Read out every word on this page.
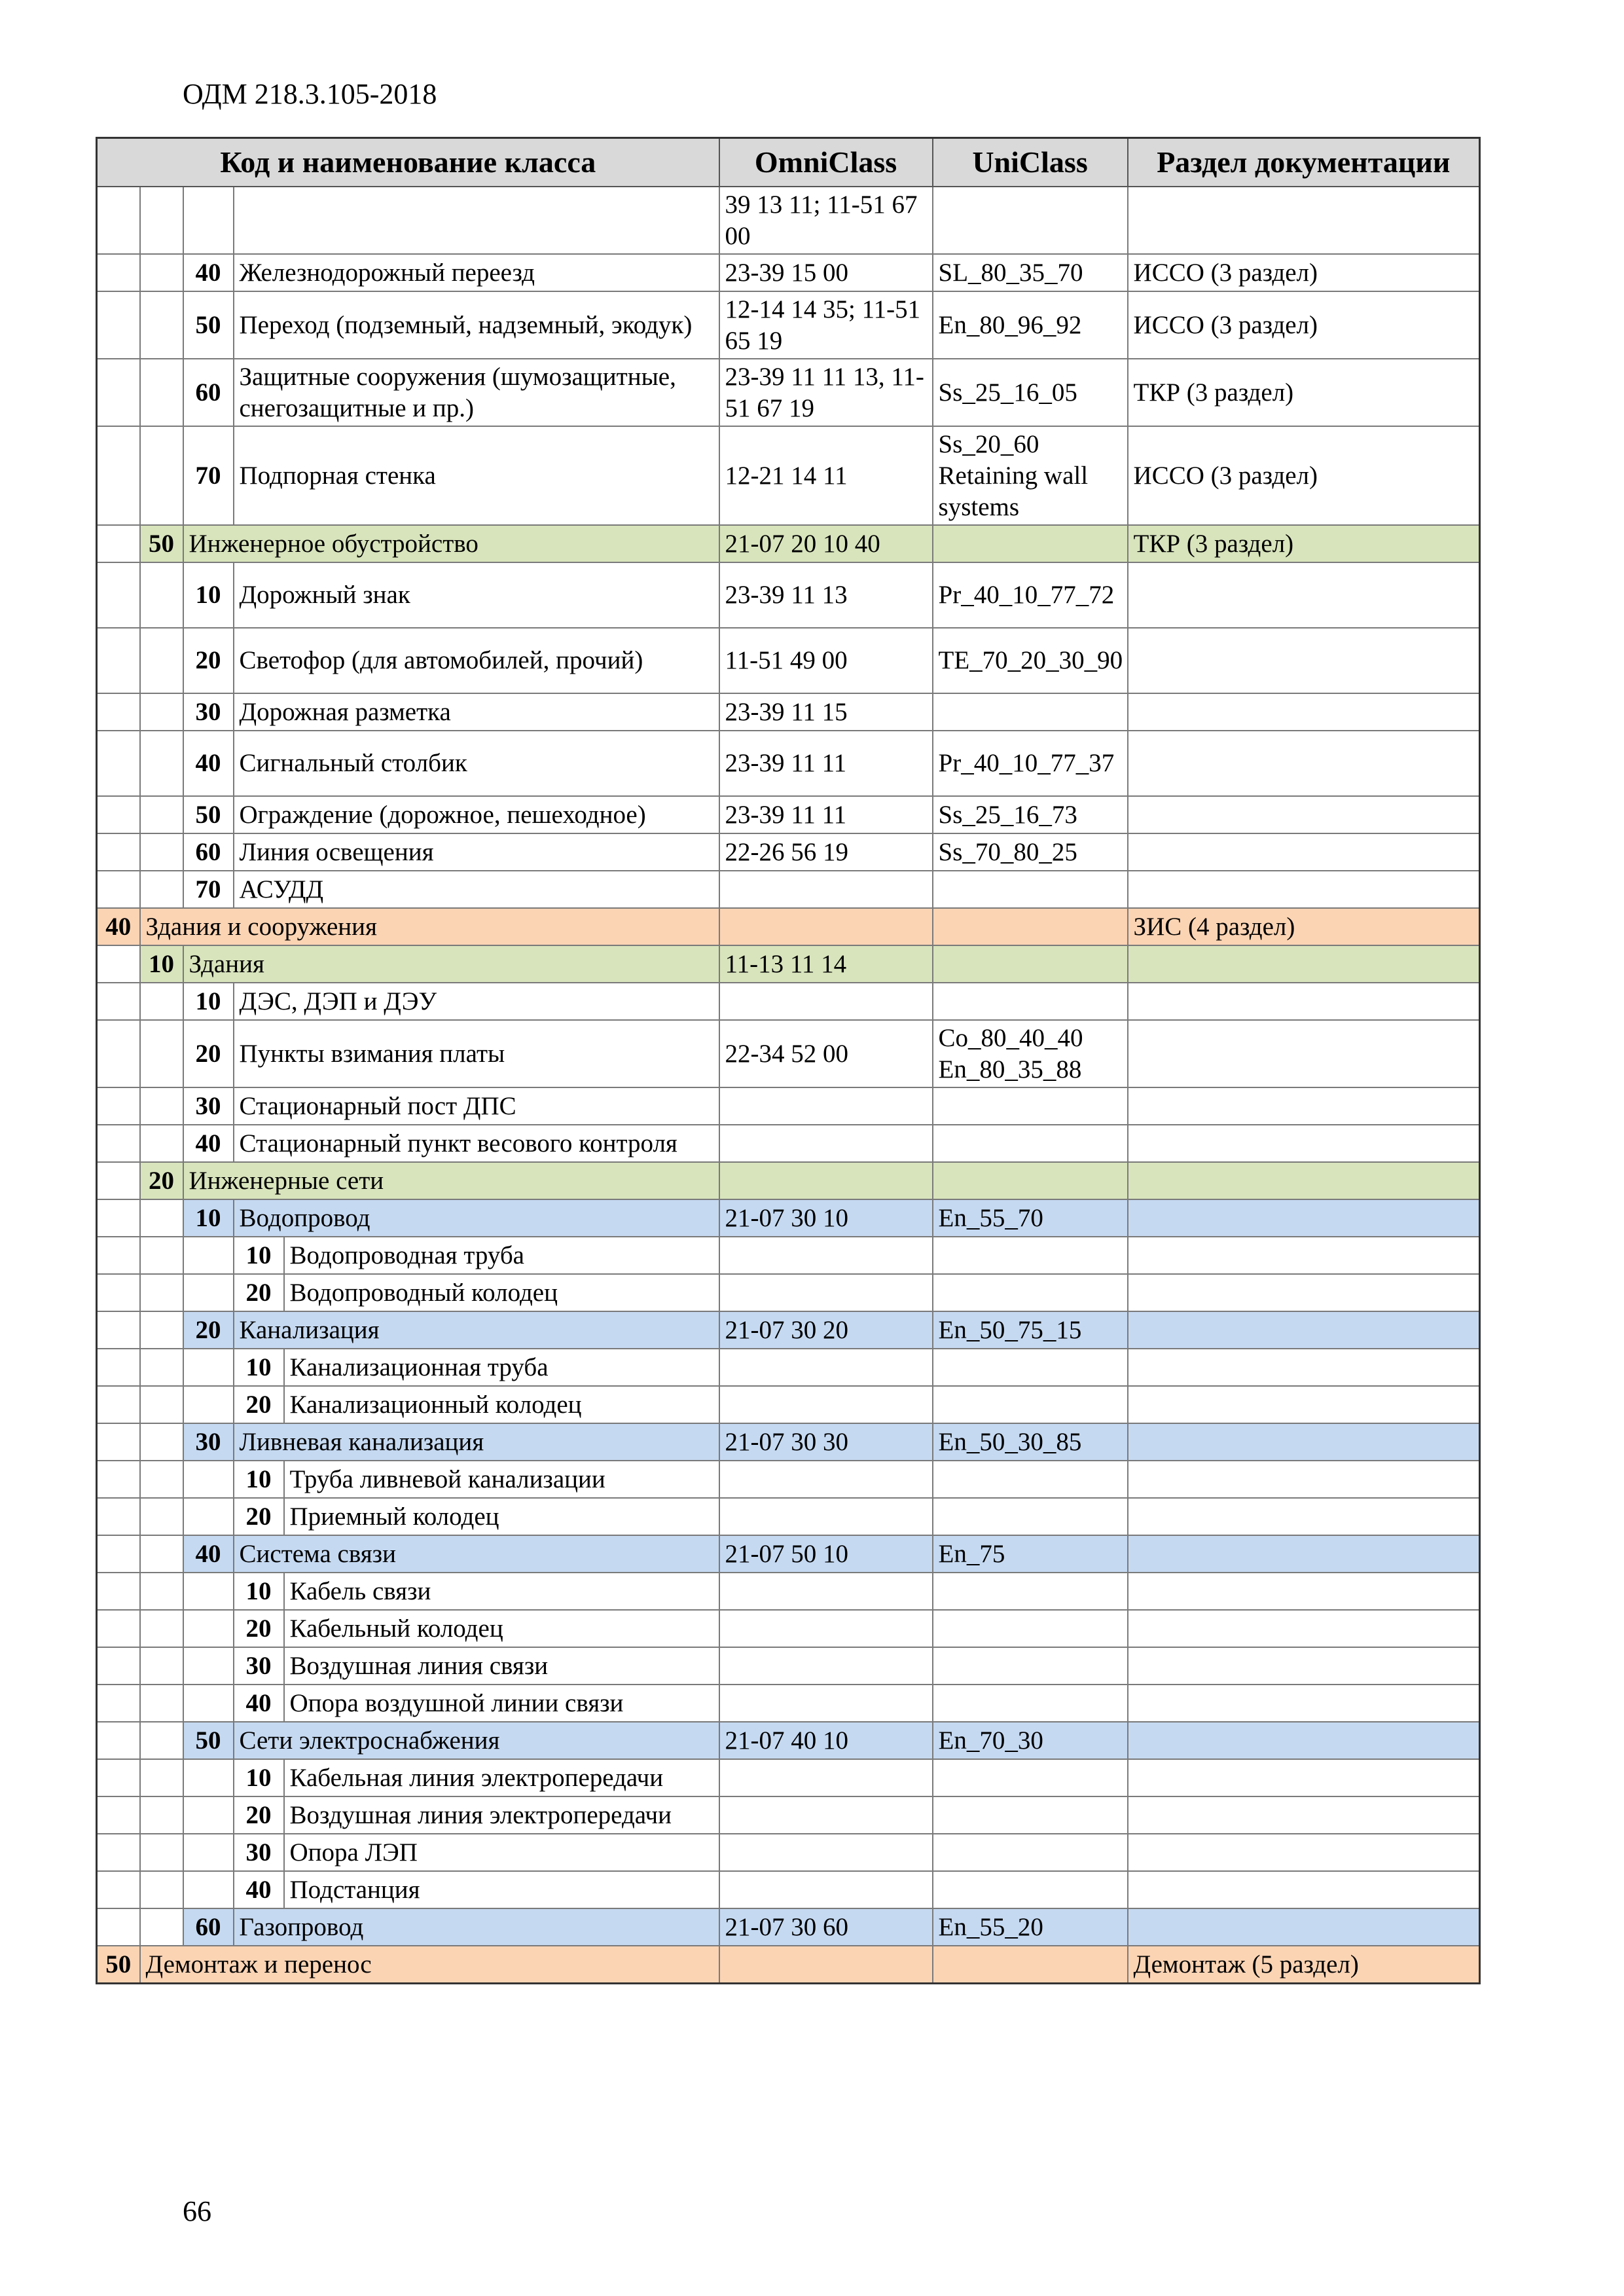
ОДМ 218.3.105-2018
Код и наименование класса					OmniClass	UniClass	Раздел документации
					39 13 11; 11-51 67 00		
		40	Железнодорожный переезд		23-39 15 00	SL_80_35_70	ИССО (3 раздел)
		50	Переход (подземный, надземный, экодук)		12-14 14 35; 11-51 65 19	En_80_96_92	ИССО (3 раздел)
		60	Защитные сооружения (шумозащитные, снегозащитные и пр.)		23-39 11 11 13, 11-51 67 19	Ss_25_16_05	ТКР (3 раздел)
		70	Подпорная стенка		12-21 14 11	Ss_20_60 Retaining wall systems	ИССО (3 раздел)
	50	Инженерное обустройство			21-07 20 10 40		ТКР (3 раздел)
		10	Дорожный знак		23-39 11 13	Pr_40_10_77_72	
		20	Светофор (для автомобилей, прочий)		11-51 49 00	TE_70_20_30_90	
		30	Дорожная разметка		23-39 11 15		
		40	Сигнальный столбик		23-39 11 11	Pr_40_10_77_37	
		50	Ограждение (дорожное, пешеходное)		23-39 11 11	Ss_25_16_73	
		60	Линия освещения		22-26 56 19	Ss_70_80_25	
		70	АСУДД				
40	Здания и сооружения						ЗИС (4 раздел)
	10	Здания			11-13 11 14		
		10	ДЭС, ДЭП и ДЭУ				
		20	Пункты взимания платы		22-34 52 00	Co_80_40_40 En_80_35_88	
		30	Стационарный пост ДПС				
		40	Стационарный пункт весового контроля				
	20	Инженерные сети					
		10	Водопровод		21-07 30 10	En_55_70	
			10	Водопроводная труба			
			20	Водопроводный колодец			
		20	Канализация		21-07 30 20	En_50_75_15	
			10	Канализационная труба			
			20	Канализационный колодец			
		30	Ливневая канализация		21-07 30 30	En_50_30_85	
			10	Труба ливневой канализации			
			20	Приемный колодец			
		40	Система связи		21-07 50 10	En_75	
			10	Кабель связи			
			20	Кабельный колодец			
			30	Воздушная линия связи			
			40	Опора воздушной линии связи			
		50	Сети электроснабжения		21-07 40 10	En_70_30	
			10	Кабельная линия электропередачи			
			20	Воздушная линия электропередачи			
			30	Опора ЛЭП			
			40	Подстанция			
		60	Газопровод		21-07 30 60	En_55_20	
50	Демонтаж и перенос						Демонтаж (5 раздел)
66
